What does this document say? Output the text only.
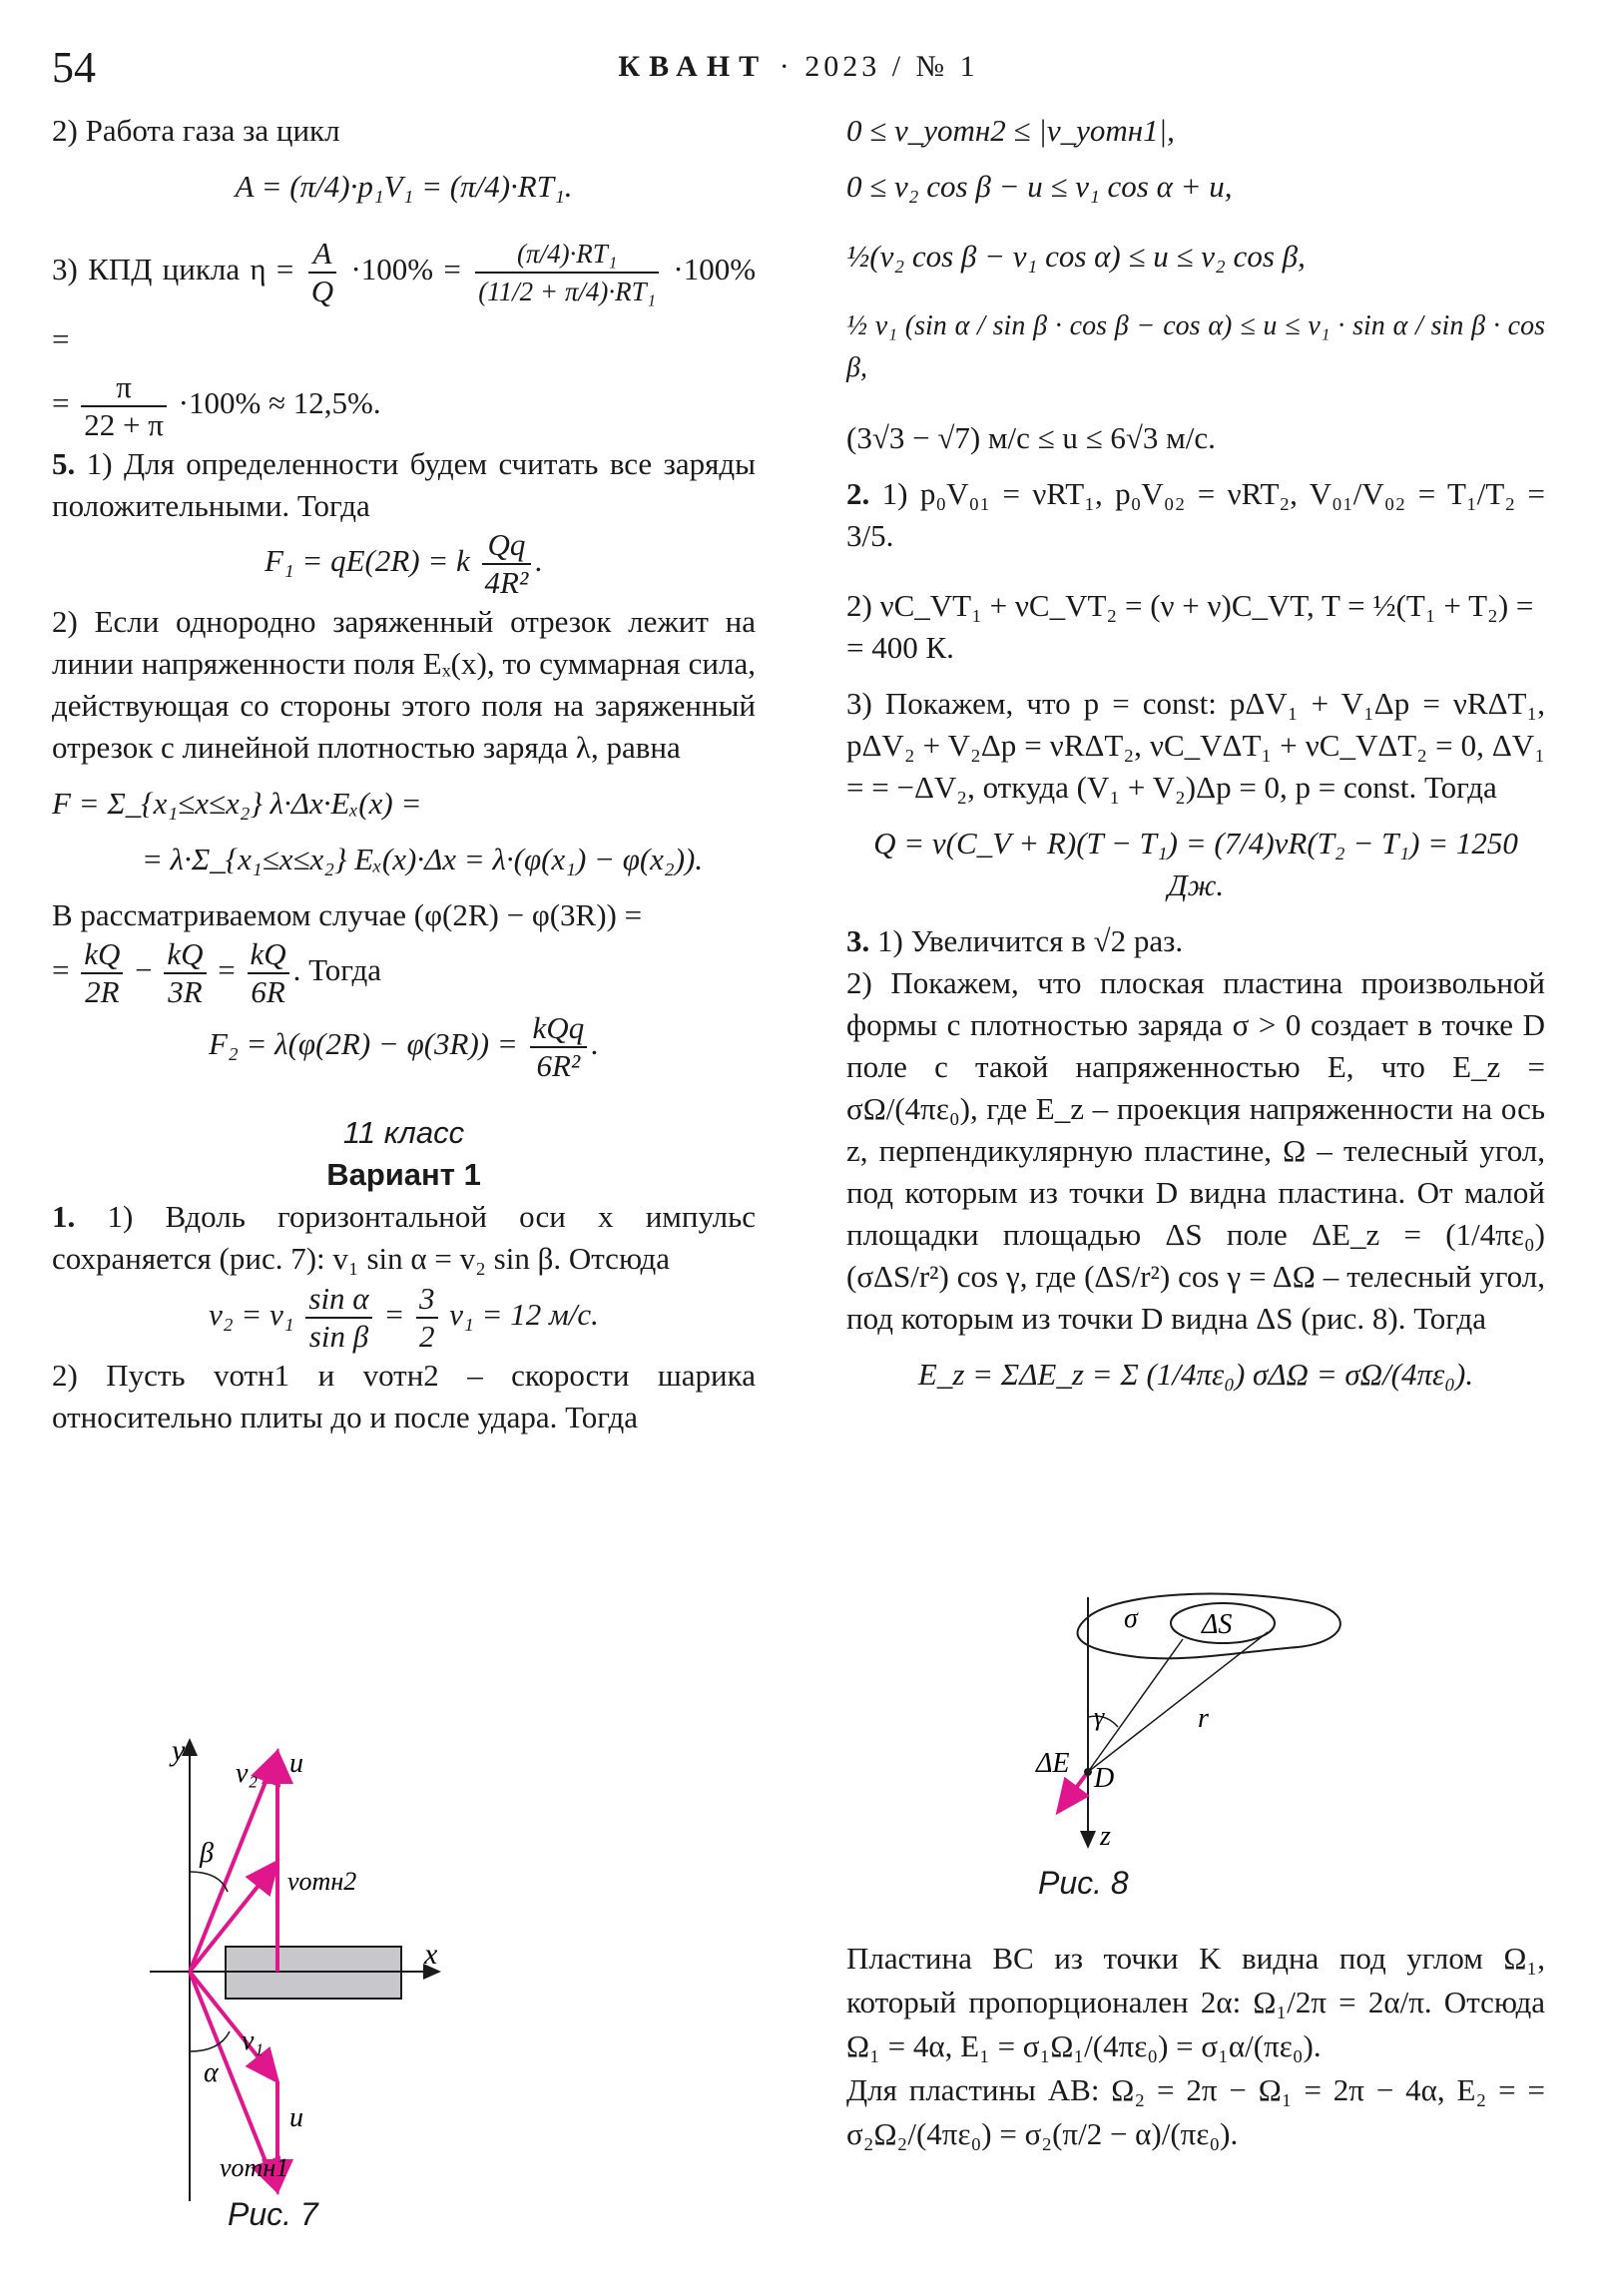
54	КВАНТ · 2023 / № 1

2) Работа газа за цикл

A = (π/4)·p₁V₁ = (π/4)·RT₁.

3) КПД цикла $\eta = \frac{A}{Q} \cdot 100\% = \frac{\text{(π/4)·RT₁}}{\text{(11/2 + π/4)·RT₁}} \cdot 100\%$ =

= $\frac{\pi}{22 + \pi} \cdot 100\% \approx 12,5\%$.

5. 1) Для определенности будем считать все заряды положительными. Тогда

F₁ = qE(2R) = k $\frac{Qq}{\text{4R²}}$ .

2) Если однородно заряженный отрезок лежит на линии напряженности поля Eₓ(x), то суммарная сила, действующая со стороны этого поля на заряженный отрезок с линейной плотностью заряда λ, равна

F = Σ_{x₁≤x≤x₂} λ·Δx·Eₓ(x) =

= λ·Σ_{x₁≤x≤x₂} Eₓ(x)·Δx = λ·(φ(x₁) − φ(x₂)).

В рассматриваемом случае (φ(2R) − φ(3R)) =

= $\frac{kQ}{2R} - \frac{kQ}{3R} = \frac{kQ}{6R}$ . Тогда

$F_2 = \lambda(\varphi(2R) - \varphi(3R)) = \frac{\text{kQq}}{\text{6R²}}$ .

11 класс

Вариант 1

1. 1) Вдоль горизонтальной оси x импульс сохраняется (рис. 7): v₁ sin α = v₂ sin β. Отсюда

$v_2 = v_1 \frac{\text{sin α}}{\text{sin β}} = \frac{3}{2} v_1 = 12$ м/с.

2) Пусть vотн1 и vотн2 – скорости шарика относительно плиты до и после удара. Тогда

y
x
v₂ u
β
vотн2
α
v₁
u
vотн1
Рис. 7

0 ≤ v_yотн2 ≤ |v_yотн1|,

0 ≤ v₂ cos β − u ≤ v₁ cos α + u,

½(v₂ cos β − v₁ cos α) ≤ u ≤ v₂ cos β,

½ v₁ (sin α / sin β · cos β − cos α) ≤ u ≤ v₁ · sin α / sin β · cos β,

(3√3 − √7) м/с ≤ u ≤ 6√3 м/с.

2. 1) p₀V₀₁ = νRT₁, p₀V₀₂ = νRT₂, V₀₁/V₀₂ = T₁/T₂ = 3/5.

2) νC_VT₁ + νC_VT₂ = (ν + ν)C_VT, T = ½(T₁ + T₂) =

= 400 К.

3) Покажем, что p = const: pΔV₁ + V₁Δp = νRΔT₁, pΔV₂ + V₂Δp = νRΔT₂, νC_VΔT₁ + νC_VΔT₂ = 0, ΔV₁ = = −ΔV₂, откуда (V₁ + V₂)Δp = 0, p = const. Тогда

Q = ν(C_V + R)(T − T₁) = (7/4)νR(T₂ − T₁) = 1250 Дж.

3. 1) Увеличится в √2 раз.

2) Покажем, что плоская пластина произвольной формы с плотностью заряда σ > 0 создает в точке D поле с такой напряженностью E, что E_z = σΩ/(4πε₀), где E_z – проекция напряженности на ось z, перпендикулярную пластине, Ω – телесный угол, под которым из точки D видна пластина. От малой площадки площадью ΔS поле ΔE_z = (1/4πε₀)(σΔS/r²) cos γ, где (ΔS/r²) cos γ = ΔΩ – телесный угол, под которым из точки D видна ΔS (рис. 8). Тогда

E_z = ΣΔE_z = Σ (1/4πε₀) σΔΩ = σΩ/(4πε₀).

σ ΔS
γ	r
ΔE D
z
Рис. 8

Пластина BC из точки K видна под углом Ω₁, который пропорционален 2α: Ω₁/2π = 2α/π. Отсюда Ω₁ = 4α, E₁ = σ₁Ω₁/(4πε₀) = σ₁α/(πε₀).

Для пластины AB: Ω₂ = 2π − Ω₁ = 2π − 4α, E₂ = = σ₂Ω₂/(4πε₀) = σ₂(π/2 − α)/(πε₀).
